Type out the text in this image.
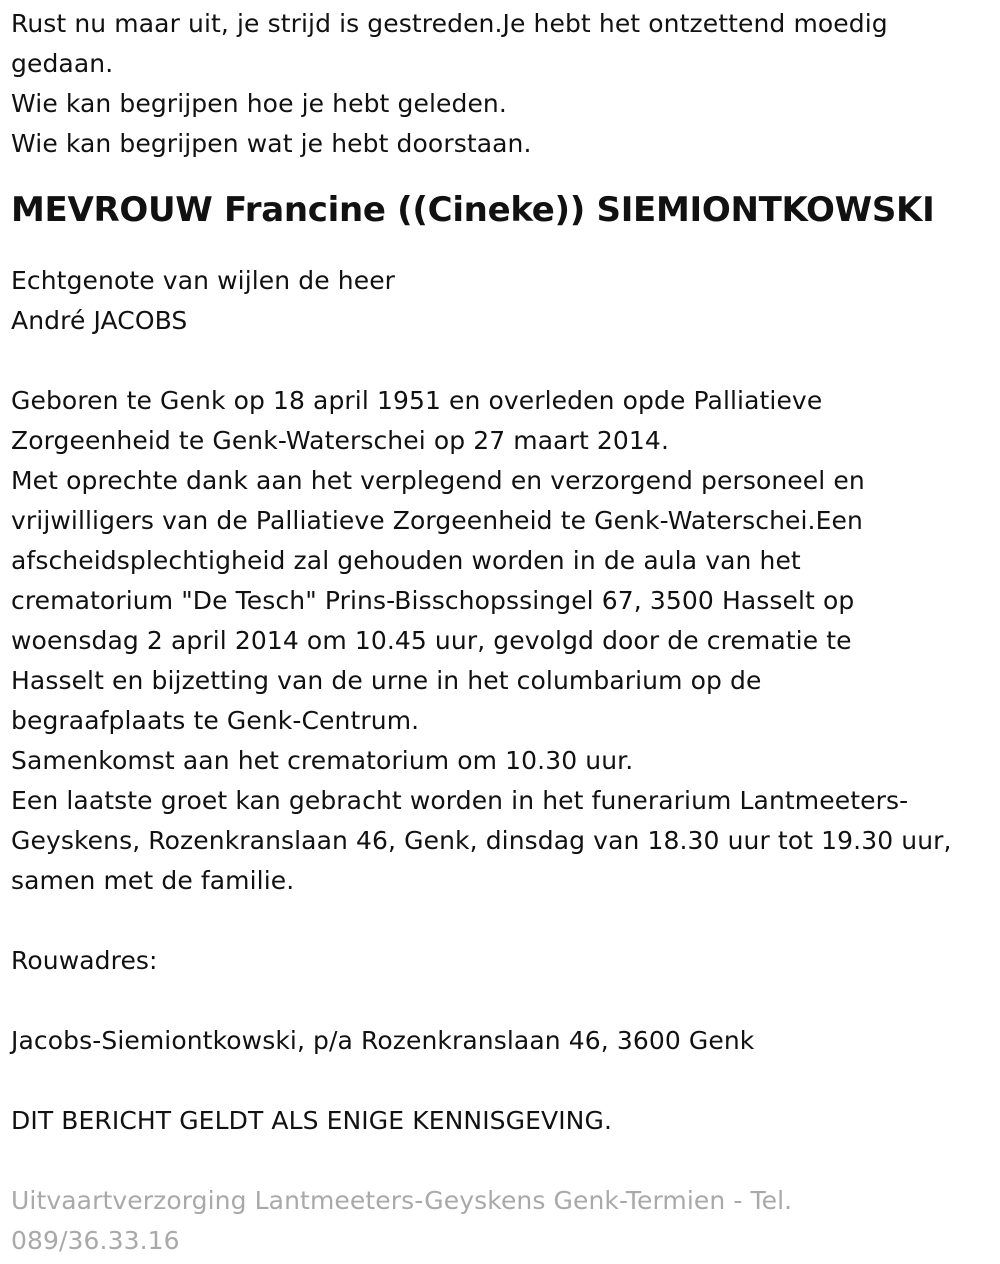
Rust nu maar uit, je strijd is gestreden.Je hebt het ontzettend moedig

gedaan.

Wie kan begrijpen hoe je hebt geleden.

Wie kan begrijpen wat je hebt doorstaan.

MEVROUW Francine ((Cineke)) SIEMIONTKOWSKI

Echtgenote van wijlen de heer

André JACOBS

Geboren te Genk op 18 april 1951 en overleden opde Palliatieve

Zorgeenheid te Genk-Waterschei op 27 maart 2014.

Met oprechte dank aan het verplegend en verzorgend personeel en

vrijwilligers van de Palliatieve Zorgeenheid te Genk-Waterschei.Een

afscheidsplechtigheid zal gehouden worden in de aula van het

crematorium "De Tesch" Prins-Bisschopssingel 67, 3500 Hasselt op

woensdag 2 april 2014 om 10.45 uur, gevolgd door de crematie te

Hasselt en bijzetting van de urne in het columbarium op de

begraafplaats te Genk-Centrum.

Samenkomst aan het crematorium om 10.30 uur.

Een laatste groet kan gebracht worden in het funerarium Lantmeeters-

Geyskens, Rozenkranslaan 46, Genk, dinsdag van 18.30 uur tot 19.30 uur,

samen met de familie.

Rouwadres:

Jacobs-Siemiontkowski, p/a Rozenkranslaan 46, 3600 Genk

DIT BERICHT GELDT ALS ENIGE KENNISGEVING.

Uitvaartverzorging Lantmeeters-Geyskens Genk-Termien - Tel.

089/36.33.16
